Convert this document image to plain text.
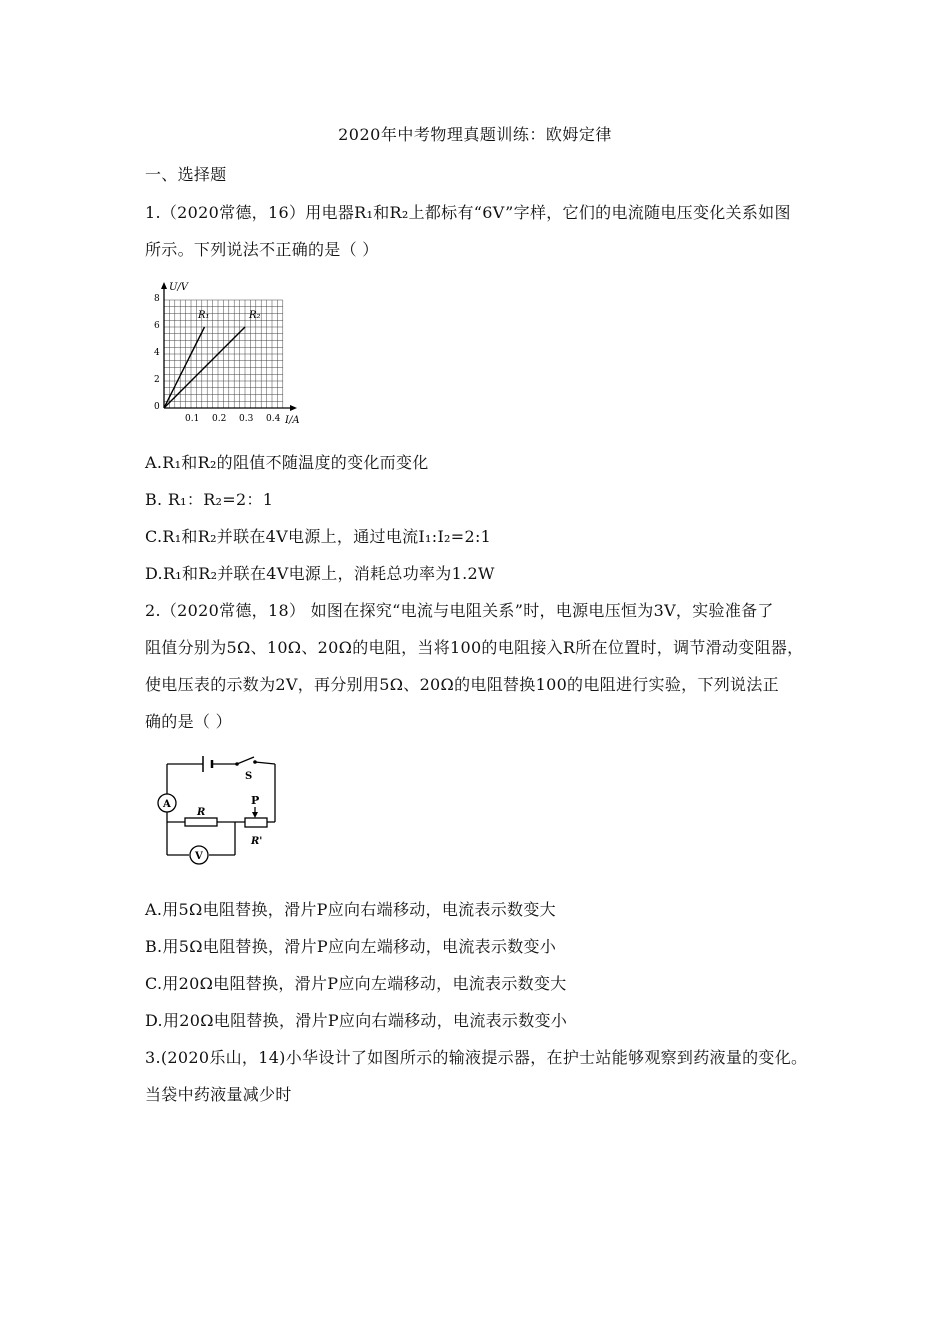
2020年中考物理真题训练：欧姆定律
一、选择题
1.（2020常德，16）用电器R₁和R₂上都标有“6V”字样，它们的电流随电压变化关系如图
所示。下列说法不正确的是（ ）
U/V
I/A
8
6
4
2
0
0.1 0.2 0.3 0.4
R₁	R₂
A.R₁和R₂的阻值不随温度的变化而变化
B. R₁：R₂=2：1
C.R₁和R₂并联在4V电源上，通过电流I₁:I₂=2:1
D.R₁和R₂并联在4V电源上，消耗总功率为1.2W
2.（2020常德，18） 如图在探究“电流与电阻关系”时，电源电压恒为3V，实验准备了
阻值分别为5Ω、10Ω、20Ω的电阻，当将100的电阻接入R所在位置时，调节滑动变阻器，
使电压表的示数为2V，再分别用5Ω、20Ω的电阻替换100的电阻进行实验，下列说法正
确的是（ ）
S
A
R
P
R'
V
A.用5Ω电阻替换，滑片P应向右端移动，电流表示数变大
B.用5Ω电阻替换，滑片P应向左端移动，电流表示数变小
C.用20Ω电阻替换，滑片P应向左端移动，电流表示数变大
D.用20Ω电阻替换，滑片P应向右端移动，电流表示数变小
3.(2020乐山，14)小华设计了如图所示的输液提示器，在护士站能够观察到药液量的变化。
当袋中药液量减少时
